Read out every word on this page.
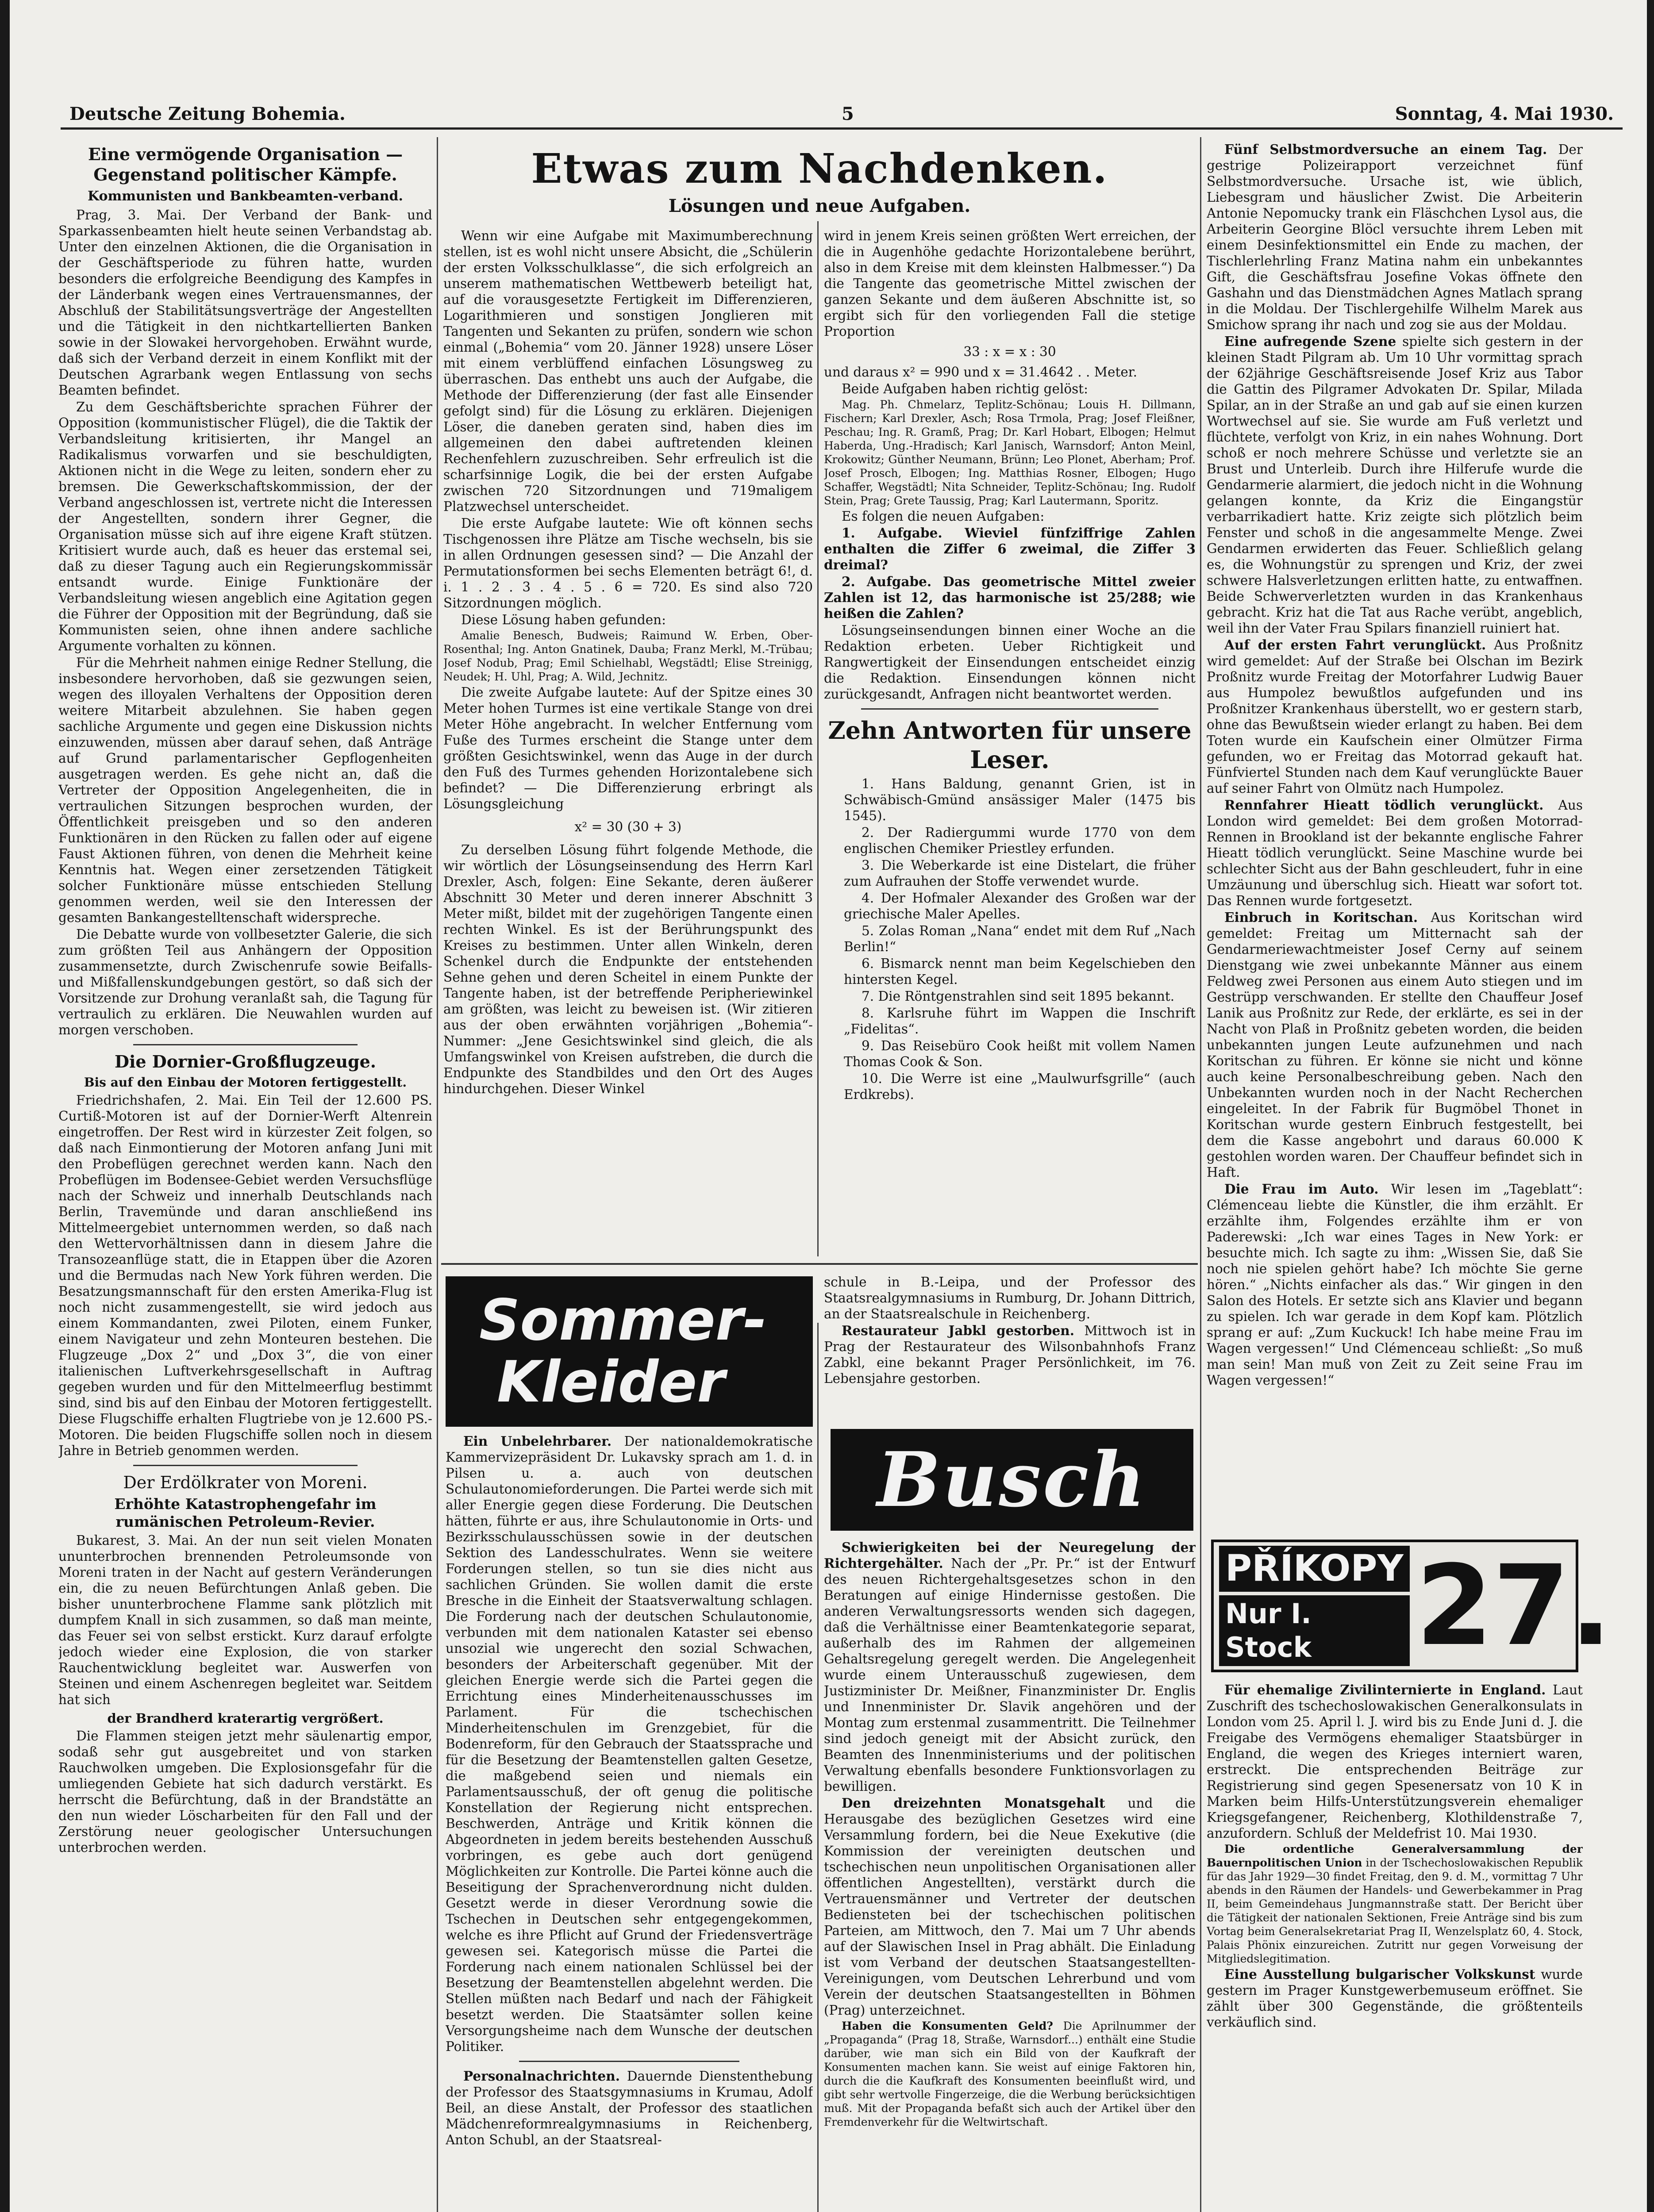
Deutsche Zeitung Bohemia.	5	Sonntag, 4. Mai 1930.
Eine vermögende Organisation — Gegenstand politischer Kämpfe.
Kommunisten und Bankbeamten-verband.

Prag, 3. Mai. Der Verband der Bank- und Sparkassenbeamten hielt heute seinen Verbandstag ab. Unter den einzelnen Aktionen, die die Organisation in der Geschäftsperiode zu führen hatte, wurden besonders die erfolgreiche Beendigung des Kampfes in der Länderbank wegen eines Vertrauensmannes, der Abschluß der Stabilitätsungsverträge der Angestellten und die Tätigkeit in den nichtkartellierten Banken sowie in der Slowakei hervorgehoben. Erwähnt wurde, daß sich der Verband derzeit in einem Konflikt mit der Deutschen Agrarbank wegen Entlassung von sechs Beamten befindet.

Zu dem Geschäftsberichte sprachen Führer der Opposition (kommunistischer Flügel), die die Taktik der Verbandsleitung kritisierten, ihr Mangel an Radikalismus vorwarfen und sie beschuldigten, Aktionen nicht in die Wege zu leiten, sondern eher zu bremsen. Die Gewerkschaftskommission, der der Verband angeschlossen ist, vertrete nicht die Interessen der Angestellten, sondern ihrer Gegner, die Organisation müsse sich auf ihre eigene Kraft stützen. Kritisiert wurde auch, daß es heuer das erstemal sei, daß zu dieser Tagung auch ein Regierungskommissär entsandt wurde. Einige Funktionäre der Verbandsleitung wiesen angeblich eine Agitation gegen die Führer der Opposition mit der Begründung, daß sie Kommunisten seien, ohne ihnen andere sachliche Argumente vorhalten zu können.

Für die Mehrheit nahmen einige Redner Stellung, die insbesondere hervorhoben, daß sie gezwungen seien, wegen des illoyalen Verhaltens der Opposition deren weitere Mitarbeit abzulehnen. Sie haben gegen sachliche Argumente und gegen eine Diskussion nichts einzuwenden, müssen aber darauf sehen, daß Anträge auf Grund parlamentarischer Gepflogenheiten ausgetragen werden. Es gehe nicht an, daß die Vertreter der Opposition Angelegenheiten, die in vertraulichen Sitzungen besprochen wurden, der Öffentlichkeit preisgeben und so den anderen Funktionären in den Rücken zu fallen oder auf eigene Faust Aktionen führen, von denen die Mehrheit keine Kenntnis hat. Wegen einer zersetzenden Tätigkeit solcher Funktionäre müsse entschieden Stellung genommen werden, weil sie den Interessen der gesamten Bankangestelltenschaft widerspreche.

Die Debatte wurde von vollbesetzter Galerie, die sich zum größten Teil aus Anhängern der Opposition zusammensetzte, durch Zwischenrufe sowie Beifalls- und Mißfallenskundgebungen gestört, so daß sich der Vorsitzende zur Drohung veranlaßt sah, die Tagung für vertraulich zu erklären. Die Neuwahlen wurden auf morgen verschoben.

Die Dornier-Großflugzeuge.
Bis auf den Einbau der Motoren fertiggestellt.

Friedrichshafen, 2. Mai. Ein Teil der 12.600 PS. Curtiß-Motoren ist auf der Dornier-Werft Altenrein eingetroffen. Der Rest wird in kürzester Zeit folgen, so daß nach Einmontierung der Motoren anfang Juni mit den Probeflügen gerechnet werden kann. Nach den Probeflügen im Bodensee-Gebiet werden Versuchsflüge nach der Schweiz und innerhalb Deutschlands nach Berlin, Travemünde und daran anschließend ins Mittelmeergebiet unternommen werden, so daß nach den Wettervorhältnissen dann in diesem Jahre die Transozeanflüge statt, die in Etappen über die Azoren und die Bermudas nach New York führen werden. Die Besatzungsmannschaft für den ersten Amerika-Flug ist noch nicht zusammengestellt, sie wird jedoch aus einem Kommandanten, zwei Piloten, einem Funker, einem Navigateur und zehn Monteuren bestehen. Die Flugzeuge „Dox 2“ und „Dox 3“, die von einer italienischen Luftverkehrsgesellschaft in Auftrag gegeben wurden und für den Mittelmeerflug bestimmt sind, sind bis auf den Einbau der Motoren fertiggestellt. Diese Flugschiffe erhalten Flugtriebe von je 12.600 PS.-Motoren. Die beiden Flugschiffe sollen noch in diesem Jahre in Betrieb genommen werden.

Der Erdölkrater von Moreni.
Erhöhte Katastrophengefahr im rumänischen Petroleum-Revier.

Bukarest, 3. Mai. An der nun seit vielen Monaten ununterbrochen brennenden Petroleumsonde von Moreni traten in der Nacht auf gestern Veränderungen ein, die zu neuen Befürchtungen Anlaß geben. Die bisher ununterbrochene Flamme sank plötzlich mit dumpfem Knall in sich zusammen, so daß man meinte, das Feuer sei von selbst erstickt. Kurz darauf erfolgte jedoch wieder eine Explosion, die von starker Rauchentwicklung begleitet war. Auswerfen von Steinen und einem Aschenregen begleitet war. Seitdem hat sich

der Brandherd kraterartig vergrößert.

Die Flammen steigen jetzt mehr säulenartig empor, sodaß sehr gut ausgebreitet und von starken Rauchwolken umgeben. Die Explosionsgefahr für die umliegenden Gebiete hat sich dadurch verstärkt. Es herrscht die Befürchtung, daß in der Brandstätte an den nun wieder Löscharbeiten für den Fall und der Zerstörung neuer geologischer Untersuchungen unterbrochen werden.

Etwas zum Nachdenken.
Lösungen und neue Aufgaben.

Wenn wir eine Aufgabe mit Maximumberechnung stellen, ist es wohl nicht unsere Absicht, die „Schülerin der ersten Volksschulklasse“, die sich erfolgreich an unserem mathematischen Wettbewerb beteiligt hat, auf die vorausgesetzte Fertigkeit im Differenzieren, Logarithmieren und sonstigen Jonglieren mit Tangenten und Sekanten zu prüfen, sondern wie schon einmal („Bohemia“ vom 20. Jänner 1928) unsere Löser mit einem verblüffend einfachen Lösungsweg zu überraschen. Das enthebt uns auch der Aufgabe, die Methode der Differenzierung (der fast alle Einsender gefolgt sind) für die Lösung zu erklären. Diejenigen Löser, die daneben geraten sind, haben dies im allgemeinen den dabei auftretenden kleinen Rechenfehlern zuzuschreiben. Sehr erfreulich ist die scharfsinnige Logik, die bei der ersten Aufgabe zwischen 720 Sitzordnungen und 719maligem Platzwechsel unterscheidet.

Die erste Aufgabe lautete: Wie oft können sechs Tischgenossen ihre Plätze am Tische wechseln, bis sie in allen Ordnungen gesessen sind? — Die Anzahl der Permutationsformen bei sechs Elementen beträgt 6!, d. i. 1 . 2 . 3 . 4 . 5 . 6 = 720. Es sind also 720 Sitzordnungen möglich.

Diese Lösung haben gefunden:

Amalie Benesch, Budweis; Raimund W. Erben, Ober-Rosenthal; Ing. Anton Gnatinek, Dauba; Franz Merkl, M.-Trübau; Josef Nodub, Prag; Emil Schielhabl, Wegstädtl; Elise Streinigg, Neudek; H. Uhl, Prag; A. Wild, Jechnitz.

Die zweite Aufgabe lautete: Auf der Spitze eines 30 Meter hohen Turmes ist eine vertikale Stange von drei Meter Höhe angebracht. In welcher Entfernung vom Fuße des Turmes erscheint die Stange unter dem größten Gesichtswinkel, wenn das Auge in der durch den Fuß des Turmes gehenden Horizontalebene sich befindet? — Die Differenzierung erbringt als Lösungsgleichung

x² = 30 (30 + 3)

Zu derselben Lösung führt folgende Methode, die wir wörtlich der Lösungseinsendung des Herrn Karl Drexler, Asch, folgen: Eine Sekante, deren äußerer Abschnitt 30 Meter und deren innerer Abschnitt 3 Meter mißt, bildet mit der zugehörigen Tangente einen rechten Winkel. Es ist der Berührungspunkt des Kreises zu bestimmen. Unter allen Winkeln, deren Schenkel durch die Endpunkte der entstehenden Sehne gehen und deren Scheitel in einem Punkte der Tangente haben, ist der betreffende Peripheriewinkel am größten, was leicht zu beweisen ist. (Wir zitieren aus der oben erwähnten vorjährigen „Bohemia“-Nummer: „Jene Gesichtswinkel sind gleich, die als Umfangswinkel von Kreisen aufstreben, die durch die Endpunkte des Standbildes und den Ort des Auges hindurchgehen. Dieser Winkel

wird in jenem Kreis seinen größten Wert erreichen, der die in Augenhöhe gedachte Horizontalebene berührt, also in dem Kreise mit dem kleinsten Halbmesser.“) Da die Tangente das geometrische Mittel zwischen der ganzen Sekante und dem äußeren Abschnitte ist, so ergibt sich für den vorliegenden Fall die stetige Proportion

33 : x = x : 30

und daraus x² = 990 und x = 31.4642 . . Meter.

Beide Aufgaben haben richtig gelöst:

Mag. Ph. Chmelarz, Teplitz-Schönau; Louis H. Dillmann, Fischern; Karl Drexler, Asch; Rosa Trmola, Prag; Josef Fleißner, Peschau; Ing. R. Gramß, Prag; Dr. Karl Hobart, Elbogen; Helmut Haberda, Ung.-Hradisch; Karl Janisch, Warnsdorf; Anton Meinl, Krokowitz; Günther Neumann, Brünn; Leo Plonet, Aberham; Prof. Josef Prosch, Elbogen; Ing. Matthias Rosner, Elbogen; Hugo Schaffer, Wegstädtl; Nita Schneider, Teplitz-Schönau; Ing. Rudolf Stein, Prag; Grete Taussig, Prag; Karl Lautermann, Sporitz.

Es folgen die neuen Aufgaben:

1. Aufgabe. Wieviel fünfziffrige Zahlen enthalten die Ziffer 6 zweimal, die Ziffer 3 dreimal?

2. Aufgabe. Das geometrische Mittel zweier Zahlen ist 12, das harmonische ist 25/288; wie heißen die Zahlen?

Lösungseinsendungen binnen einer Woche an die Redaktion erbeten. Ueber Richtigkeit und Rangwertigkeit der Einsendungen entscheidet einzig die Redaktion. Einsendungen können nicht zurückgesandt, Anfragen nicht beantwortet werden.

Zehn Antworten für unsere Leser.

1. Hans Baldung, genannt Grien, ist in Schwäbisch-Gmünd ansässiger Maler (1475 bis 1545).

2. Der Radiergummi wurde 1770 von dem englischen Chemiker Priestley erfunden.

3. Die Weberkarde ist eine Distelart, die früher zum Aufrauhen der Stoffe verwendet wurde.

4. Der Hofmaler Alexander des Großen war der griechische Maler Apelles.

5. Zolas Roman „Nana“ endet mit dem Ruf „Nach Berlin!“

6. Bismarck nennt man beim Kegelschieben den hintersten Kegel.

7. Die Röntgenstrahlen sind seit 1895 bekannt.

8. Karlsruhe führt im Wappen die Inschrift „Fidelitas“.

9. Das Reisebüro Cook heißt mit vollem Namen Thomas Cook & Son.

10. Die Werre ist eine „Maulwurfsgrille“ (auch Erdkrebs).

Sommer-
Kleider

Ein Unbelehrbarer. Der nationaldemokratische Kammervizepräsident Dr. Lukavsky sprach am 1. d. in Pilsen u. a. auch von deutschen Schulautonomieforderungen. Die Partei werde sich mit aller Energie gegen diese Forderung. Die Deutschen hätten, führte er aus, ihre Schulautonomie in Orts- und Bezirksschulausschüssen sowie in der deutschen Sektion des Landesschulrates. Wenn sie weitere Forderungen stellen, so tun sie dies nicht aus sachlichen Gründen. Sie wollen damit die erste Bresche in die Einheit der Staatsverwaltung schlagen. Die Forderung nach der deutschen Schulautonomie, verbunden mit dem nationalen Kataster sei ebenso unsozial wie ungerecht den sozial Schwachen, besonders der Arbeiterschaft gegenüber. Mit der gleichen Energie werde sich die Partei gegen die Errichtung eines Minderheitenausschusses im Parlament. Für die tschechischen Minderheitenschulen im Grenzgebiet, für die Bodenreform, für den Gebrauch der Staatssprache und für die Besetzung der Beamtenstellen galten Gesetze, die maßgebend seien und niemals ein Parlamentsausschuß, der oft genug die politische Konstellation der Regierung nicht entsprechen. Beschwerden, Anträge und Kritik können die Abgeordneten in jedem bereits bestehenden Ausschuß vorbringen, es gebe auch dort genügend Möglichkeiten zur Kontrolle. Die Partei könne auch die Beseitigung der Sprachenverordnung nicht dulden. Gesetzt werde in dieser Verordnung sowie die Tschechen in Deutschen sehr entgegengekommen, welche es ihre Pflicht auf Grund der Friedensverträge gewesen sei. Kategorisch müsse die Partei die Forderung nach einem nationalen Schlüssel bei der Besetzung der Beamtenstellen abgelehnt werden. Die Stellen müßten nach Bedarf und nach der Fähigkeit besetzt werden. Die Staatsämter sollen keine Versorgungsheime nach dem Wunsche der deutschen Politiker.

Personalnachrichten. Dauernde Dienstenthebung der Professor des Staatsgymnasiums in Krumau, Adolf Beil, an diese Anstalt, der Professor des staatlichen Mädchenreformrealgymnasiums in Reichenberg, Anton Schubl, an der Staatsreal-

schule in B.-Leipa, und der Professor des Staatsrealgymnasiums in Rumburg, Dr. Johann Dittrich, an der Staatsrealschule in Reichenberg.

Restaurateur Jabkl gestorben. Mittwoch ist in Prag der Restaurateur des Wilsonbahnhofs Franz Zabkl, eine bekannt Prager Persönlichkeit, im 76. Lebensjahre gestorben.

Busch

Schwierigkeiten bei der Neuregelung der Richtergehälter. Nach der „Pr. Pr.“ ist der Entwurf des neuen Richtergehaltsgesetzes schon in den Beratungen auf einige Hindernisse gestoßen. Die anderen Verwaltungsressorts wenden sich dagegen, daß die Verhältnisse einer Beamtenkategorie separat, außerhalb des im Rahmen der allgemeinen Gehaltsregelung geregelt werden. Die Angelegenheit wurde einem Unterausschuß zugewiesen, dem Justizminister Dr. Meißner, Finanzminister Dr. Englis und Innenminister Dr. Slavik angehören und der Montag zum erstenmal zusammentritt. Die Teilnehmer sind jedoch geneigt mit der Absicht zurück, den Beamten des Innenministeriums und der politischen Verwaltung ebenfalls besondere Funktionsvorlagen zu bewilligen.

Den dreizehnten Monatsgehalt und die Herausgabe des bezüglichen Gesetzes wird eine Versammlung fordern, bei die Neue Exekutive (die Kommission der vereinigten deutschen und tschechischen neun unpolitischen Organisationen aller öffentlichen Angestellten), verstärkt durch die Vertrauensmänner und Vertreter der deutschen Bediensteten bei der tschechischen politischen Parteien, am Mittwoch, den 7. Mai um 7 Uhr abends auf der Slawischen Insel in Prag abhält. Die Einladung ist vom Verband der deutschen Staatsangestellten-Vereinigungen, vom Deutschen Lehrerbund und vom Verein der deutschen Staatsangestellten in Böhmen (Prag) unterzeichnet.

Haben die Konsumenten Geld? Die Aprilnummer der „Propaganda“ (Prag 18, Straße, Warnsdorf...) enthält eine Studie darüber, wie man sich ein Bild von der Kaufkraft der Konsumenten machen kann. Sie weist auf einige Faktoren hin, durch die die Kaufkraft des Konsumenten beeinflußt wird, und gibt sehr wertvolle Fingerzeige, die die Werbung berücksichtigen muß. Mit der Propaganda befaßt sich auch der Artikel über den Fremdenverkehr für die Weltwirtschaft.

Fünf Selbstmordversuche an einem Tag. Der gestrige Polizeirapport verzeichnet fünf Selbstmordversuche. Ursache ist, wie üblich, Liebesgram und häuslicher Zwist. Die Arbeiterin Antonie Nepomucky trank ein Fläschchen Lysol aus, die Arbeiterin Georgine Blöcl versuchte ihrem Leben mit einem Desinfektionsmittel ein Ende zu machen, der Tischlerlehrling Franz Matina nahm ein unbekanntes Gift, die Geschäftsfrau Josefine Vokas öffnete den Gashahn und das Dienstmädchen Agnes Matlach sprang in die Moldau. Der Tischlergehilfe Wilhelm Marek aus Smichow sprang ihr nach und zog sie aus der Moldau.

Eine aufregende Szene spielte sich gestern in der kleinen Stadt Pilgram ab. Um 10 Uhr vormittag sprach der 62jährige Geschäftsreisende Josef Kriz aus Tabor die Gattin des Pilgramer Advokaten Dr. Spilar, Milada Spilar, an in der Straße an und gab auf sie einen kurzen Wortwechsel auf sie. Sie wurde am Fuß verletzt und flüchtete, verfolgt von Kriz, in ein nahes Wohnung. Dort schoß er noch mehrere Schüsse und verletzte sie an Brust und Unterleib. Durch ihre Hilferufe wurde die Gendarmerie alarmiert, die jedoch nicht in die Wohnung gelangen konnte, da Kriz die Eingangstür verbarrikadiert hatte. Kriz zeigte sich plötzlich beim Fenster und schoß in die angesammelte Menge. Zwei Gendarmen erwiderten das Feuer. Schließlich gelang es, die Wohnungstür zu sprengen und Kriz, der zwei schwere Halsverletzungen erlitten hatte, zu entwaffnen. Beide Schwerverletzten wurden in das Krankenhaus gebracht. Kriz hat die Tat aus Rache verübt, angeblich, weil ihn der Vater Frau Spilars finanziell ruiniert hat.

Auf der ersten Fahrt verunglückt. Aus Proßnitz wird gemeldet: Auf der Straße bei Olschan im Bezirk Proßnitz wurde Freitag der Motorfahrer Ludwig Bauer aus Humpolez bewußtlos aufgefunden und ins Proßnitzer Krankenhaus überstellt, wo er gestern starb, ohne das Bewußtsein wieder erlangt zu haben. Bei dem Toten wurde ein Kaufschein einer Olmützer Firma gefunden, wo er Freitag das Motorrad gekauft hat. Fünfviertel Stunden nach dem Kauf verunglückte Bauer auf seiner Fahrt von Olmütz nach Humpolez.

Rennfahrer Hieatt tödlich verunglückt. Aus London wird gemeldet: Bei dem großen Motorrad-Rennen in Brookland ist der bekannte englische Fahrer Hieatt tödlich verunglückt. Seine Maschine wurde bei schlechter Sicht aus der Bahn geschleudert, fuhr in eine Umzäunung und überschlug sich. Hieatt war sofort tot. Das Rennen wurde fortgesetzt.

Einbruch in Koritschan. Aus Koritschan wird gemeldet: Freitag um Mitternacht sah der Gendarmeriewachtmeister Josef Cerny auf seinem Dienstgang wie zwei unbekannte Männer aus einem Feldweg zwei Personen aus einem Auto stiegen und im Gestrüpp verschwanden. Er stellte den Chauffeur Josef Lanik aus Proßnitz zur Rede, der erklärte, es sei in der Nacht von Plaß in Proßnitz gebeten worden, die beiden unbekannten jungen Leute aufzunehmen und nach Koritschan zu führen. Er könne sie nicht und könne auch keine Personalbeschreibung geben. Nach den Unbekannten wurden noch in der Nacht Recherchen eingeleitet. In der Fabrik für Bugmöbel Thonet in Koritschan wurde gestern Einbruch festgestellt, bei dem die Kasse angebohrt und daraus 60.000 K gestohlen worden waren. Der Chauffeur befindet sich in Haft.

Die Frau im Auto. Wir lesen im „Tageblatt“: Clémenceau liebte die Künstler, die ihm erzählt. Er erzählte ihm, Folgendes erzählte ihm er von Paderewski: „Ich war eines Tages in New York: er besuchte mich. Ich sagte zu ihm: „Wissen Sie, daß Sie noch nie spielen gehört habe? Ich möchte Sie gerne hören.“ „Nichts einfacher als das.“ Wir gingen in den Salon des Hotels. Er setzte sich ans Klavier und begann zu spielen. Ich war gerade in dem Kopf kam. Plötzlich sprang er auf: „Zum Kuckuck! Ich habe meine Frau im Wagen vergessen!“ Und Clémenceau schließt: „So muß man sein! Man muß von Zeit zu Zeit seine Frau im Wagen vergessen!“

PŘÍKOPY
Nur I. Stock 27.

Für ehemalige Zivilinternierte in England. Laut Zuschrift des tschechoslowakischen Generalkonsulats in London vom 25. April l. J. wird bis zu Ende Juni d. J. die Freigabe des Vermögens ehemaliger Staatsbürger in England, die wegen des Krieges interniert waren, erstreckt. Die entsprechenden Beiträge zur Registrierung sind gegen Spesenersatz von 10 K in Marken beim Hilfs-Unterstützungsverein ehemaliger Kriegsgefangener, Reichenberg, Klothildenstraße 7, anzufordern. Schluß der Meldefrist 10. Mai 1930.

Die ordentliche Generalversammlung der Bauernpolitischen Union in der Tschechoslowakischen Republik für das Jahr 1929—30 findet Freitag, den 9. d. M., vormittag 7 Uhr abends in den Räumen der Handels- und Gewerbekammer in Prag II, beim Gemeindehaus Jungmannstraße statt. Der Bericht über die Tätigkeit der nationalen Sektionen, Freie Anträge sind bis zum Vortag beim Generalsekretariat Prag II, Wenzelsplatz 60, 4. Stock, Palais Phönix einzureichen. Zutritt nur gegen Vorweisung der Mitgliedslegitimation.

Eine Ausstellung bulgarischer Volkskunst wurde gestern im Prager Kunstgewerbemuseum eröffnet. Sie zählt über 300 Gegenstände, die größtenteils verkäuflich sind.
